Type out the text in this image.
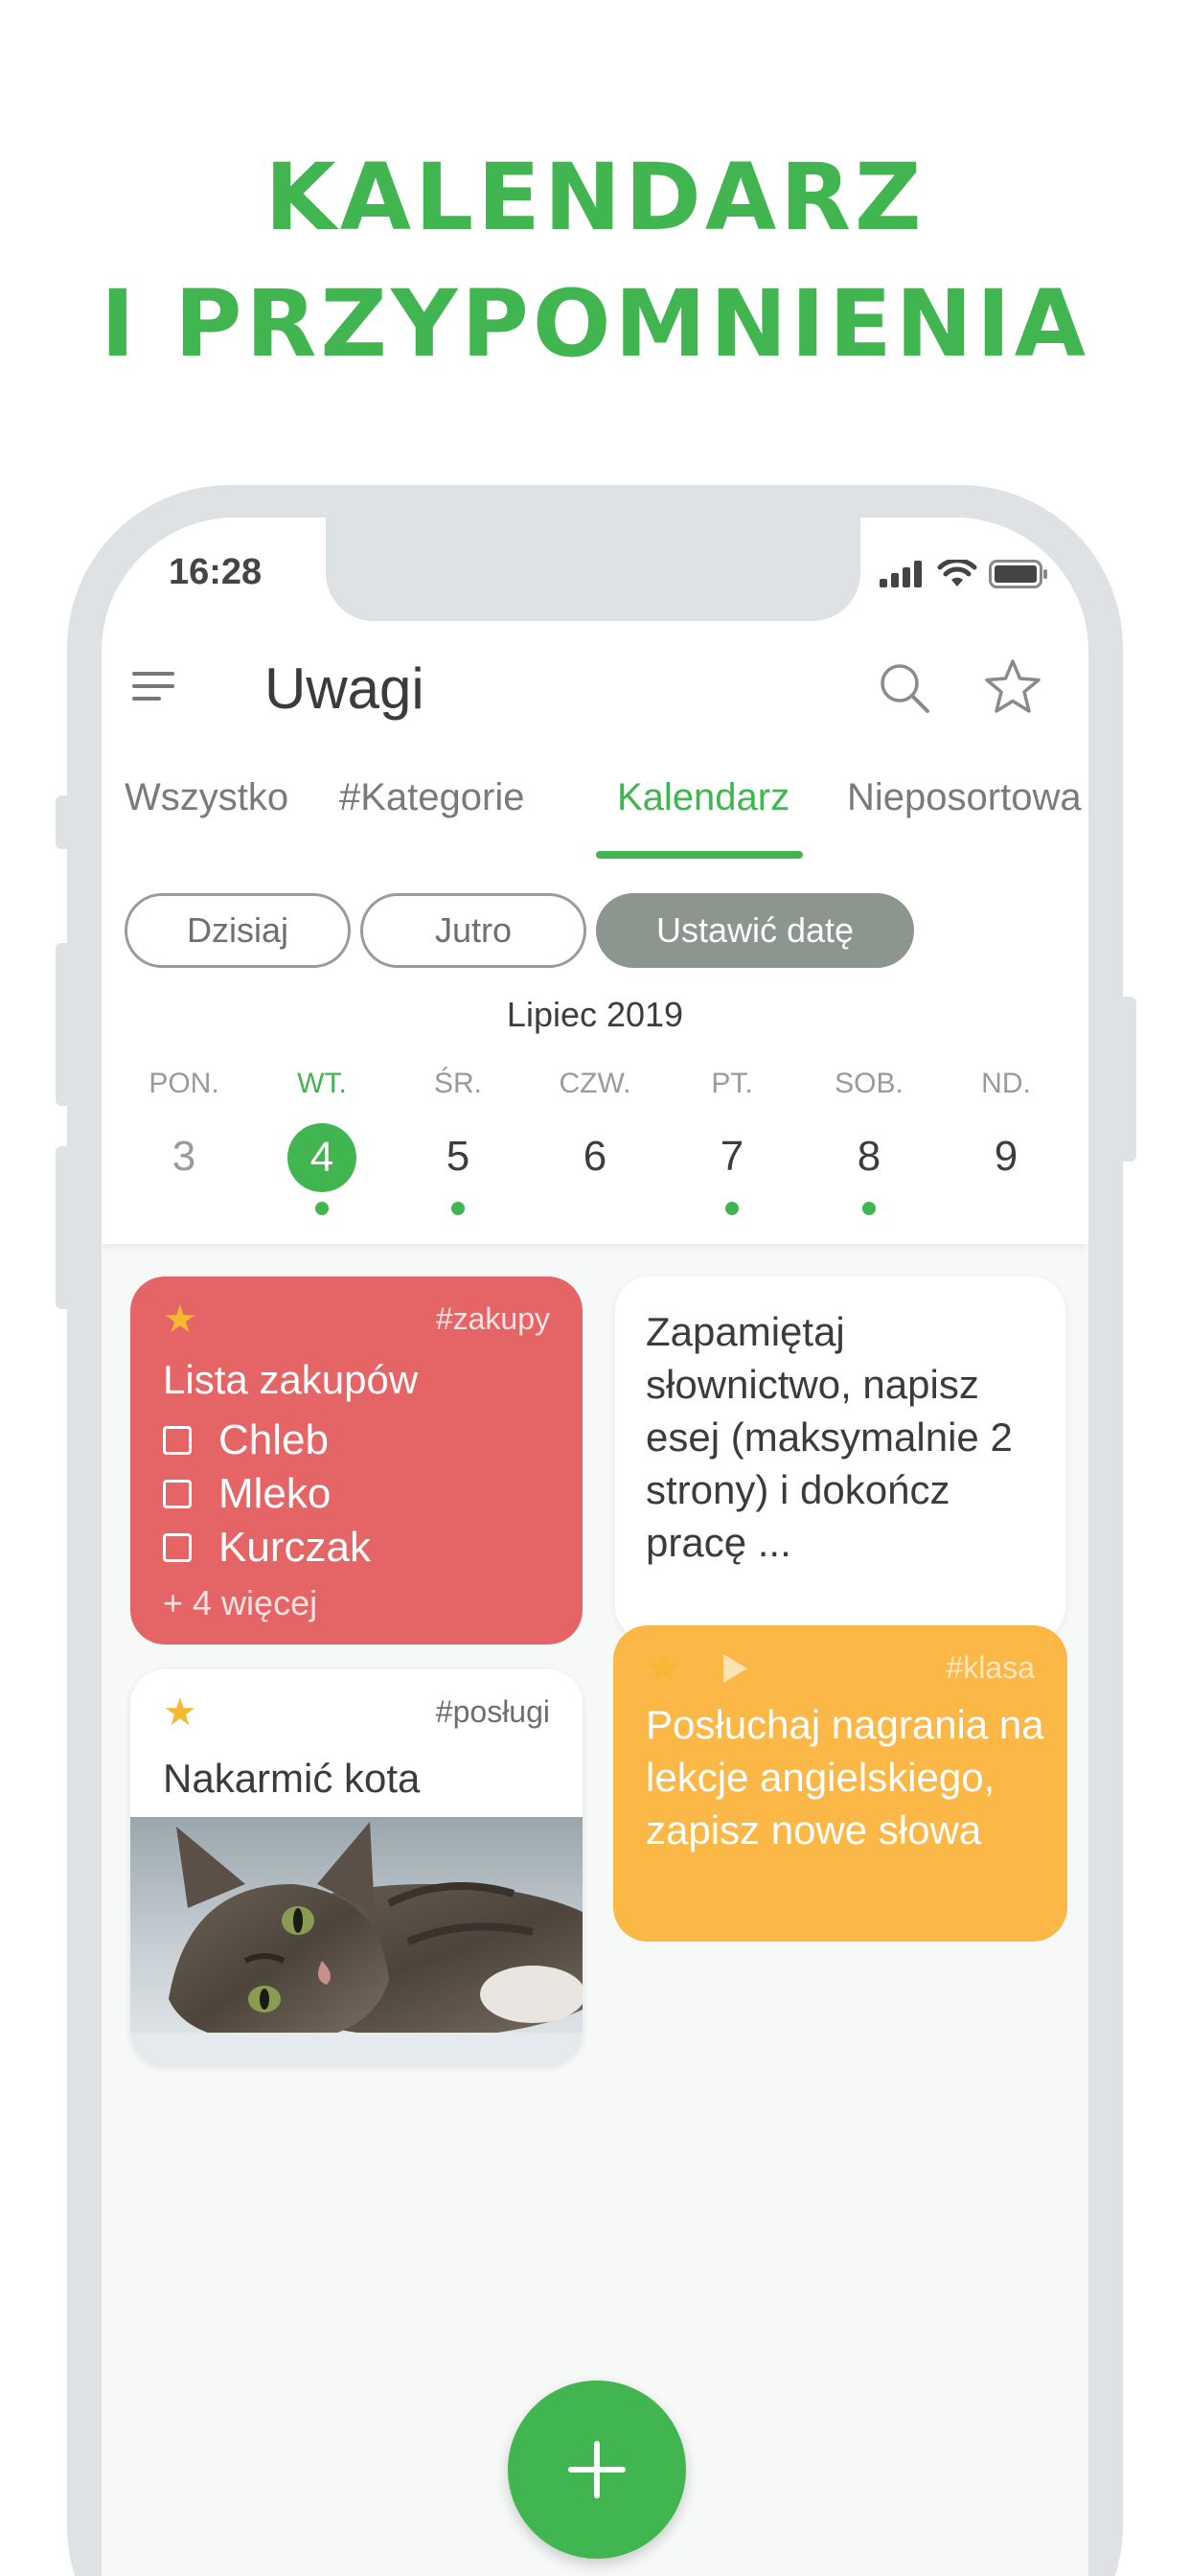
KALENDARZ
I PRZYPOMNIENIA
16:28
Uwagi
Wszystko #Kategorie Kalendarz Nieposortowa
Dzisiaj	Jutro	Ustawić datę
Lipiec 2019
PON.	WT.	ŚR.	CZW.	PT.	SOB.	ND.
3	4	5	6	7	8	9
★	#zakupy
Lista zakupów
Chleb
Mleko
Kurczak
+ 4 więcej
Zapamiętaj słownictwo, napisz esej (maksymalnie 2 strony) i dokończ pracę ...
★	#posługi
Nakarmić kota
★	#klasa
Posłuchaj nagrania na lekcje angielskiego, zapisz nowe słowa
